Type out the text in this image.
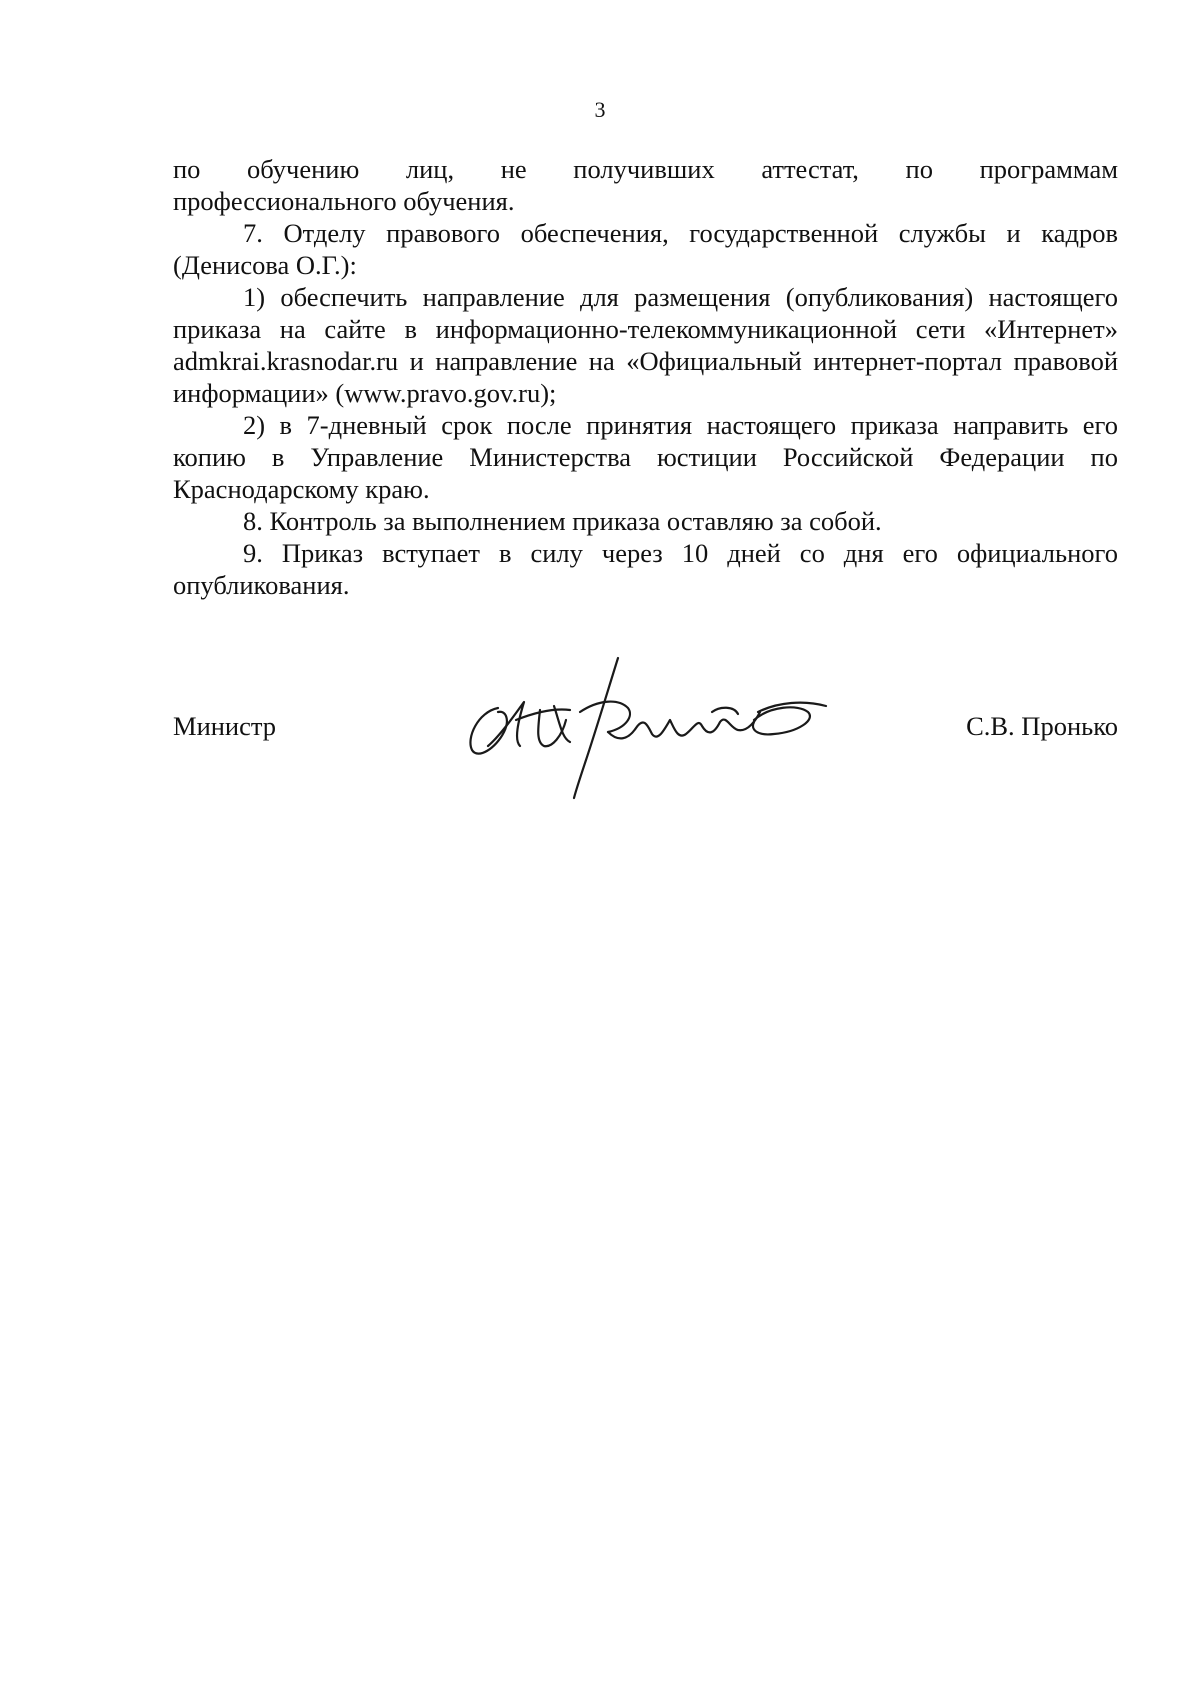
3

по обучению лиц, не получивших аттестат, по программам
профессионального обучения.

7. Отделу правового обеспечения, государственной службы и кадров (Денисова О.Г.):

1) обеспечить направление для размещения (опубликования) настоящего приказа на сайте в информационно-телекоммуникационной сети «Интернет» admkrai.krasnodar.ru и направление на «Официальный интернет-портал правовой информации» (www.pravo.gov.ru);

2) в 7-дневный срок после принятия настоящего приказа направить его копию в Управление Министерства юстиции Российской Федерации по Краснодарскому краю.

8. Контроль за выполнением приказа оставляю за собой.

9. Приказ вступает в силу через 10 дней со дня его официального опубликования.

Министр	С.В. Пронько
